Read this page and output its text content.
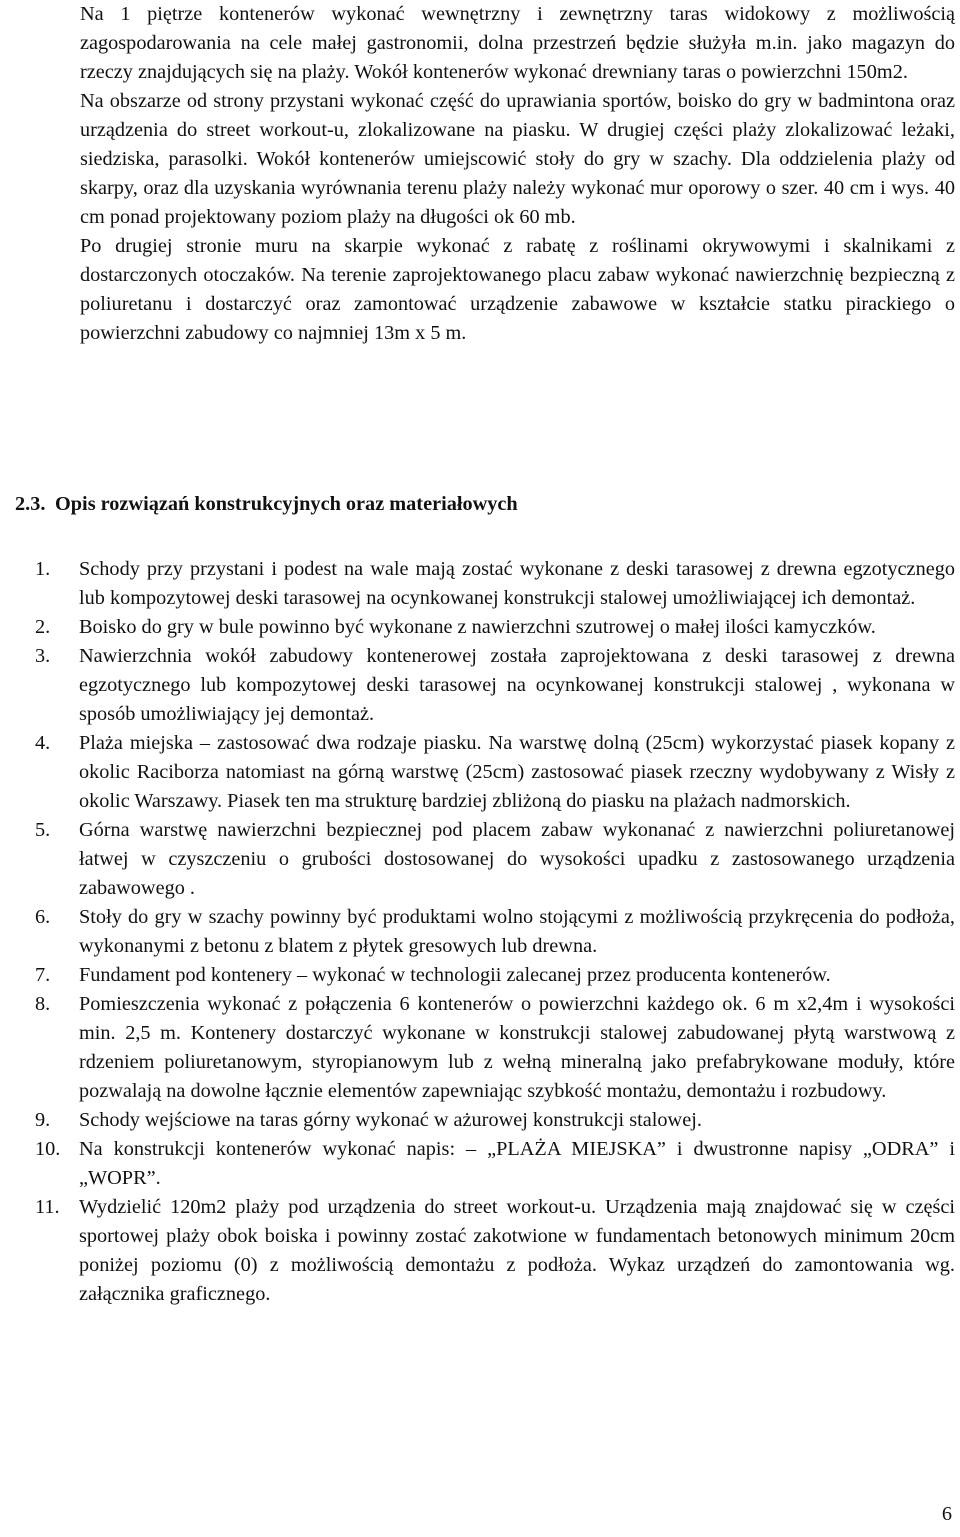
Na 1 piętrze kontenerów wykonać wewnętrzny i zewnętrzny taras widokowy z możliwością zagospodarowania na cele małej gastronomii, dolna przestrzeń będzie służyła m.in. jako magazyn do rzeczy znajdujących się na plaży. Wokół kontenerów wykonać drewniany taras o powierzchni 150m2.

Na obszarze od strony przystani wykonać część do uprawiania sportów, boisko do gry w badmintona oraz urządzenia do street workout-u, zlokalizowane na piasku. W drugiej części plaży zlokalizować leżaki, siedziska, parasolki. Wokół kontenerów umiejscowić stoły do gry w szachy. Dla oddzielenia plaży od skarpy, oraz dla uzyskania wyrównania terenu plaży należy wykonać mur oporowy o szer. 40 cm i wys. 40 cm ponad projektowany poziom plaży na długości ok 60 mb.

Po drugiej stronie muru na skarpie wykonać z rabatę z roślinami okrywowymi i skalnikami z dostarczonych otoczaków. Na terenie zaprojektowanego placu zabaw wykonać nawierzchnię bezpieczną z poliuretanu i dostarczyć oraz zamontować urządzenie zabawowe w kształcie statku pirackiego o powierzchni zabudowy co najmniej 13m x 5 m.

2.3. Opis rozwiązań konstrukcyjnych oraz materiałowych
1.	Schody przy przystani i podest na wale mają zostać wykonane z deski tarasowej z drewna egzotycznego lub kompozytowej deski tarasowej na ocynkowanej konstrukcji stalowej umożliwiającej ich demontaż.
2.	Boisko do gry w bule powinno być wykonane z nawierzchni szutrowej o małej ilości kamyczków.
3.	Nawierzchnia wokół zabudowy kontenerowej została zaprojektowana z deski tarasowej z drewna egzotycznego lub kompozytowej deski tarasowej na ocynkowanej konstrukcji stalowej , wykonana w sposób umożliwiający jej demontaż.
4.	Plaża miejska – zastosować dwa rodzaje piasku. Na warstwę dolną (25cm) wykorzystać piasek kopany z okolic Raciborza natomiast na górną warstwę (25cm) zastosować piasek rzeczny wydobywany z Wisły z okolic Warszawy. Piasek ten ma strukturę bardziej zbliżoną do piasku na plażach nadmorskich.
5.	Górna warstwę nawierzchni bezpiecznej pod placem zabaw wykonanać z nawierzchni poliuretanowej łatwej w czyszczeniu o grubości dostosowanej do wysokości upadku z zastosowanego urządzenia zabawowego .
6.	Stoły do gry w szachy powinny być produktami wolno stojącymi z możliwością przykręcenia do podłoża, wykonanymi z betonu z blatem z płytek gresowych lub drewna.
7.	Fundament pod kontenery – wykonać w technologii zalecanej przez producenta kontenerów.
8.	Pomieszczenia wykonać z połączenia 6 kontenerów o powierzchni każdego ok. 6 m x2,4m i wysokości min. 2,5 m. Kontenery dostarczyć wykonane w konstrukcji stalowej zabudowanej płytą warstwową z rdzeniem poliuretanowym, styropianowym lub z wełną mineralną jako prefabrykowane moduły, które pozwalają na dowolne łącznie elementów zapewniając szybkość montażu, demontażu i rozbudowy.
9.	Schody wejściowe na taras górny wykonać w ażurowej konstrukcji stalowej.
10. Na konstrukcji kontenerów wykonać napis: – „PLAŻA MIEJSKA” i dwustronne napisy „ODRA” i „WOPR”.
11. Wydzielić 120m2 plaży pod urządzenia do street workout-u. Urządzenia mają znajdować się w części sportowej plaży obok boiska i powinny zostać zakotwione w fundamentach betonowych minimum 20cm poniżej poziomu (0) z możliwością demontażu z podłoża. Wykaz urządzeń do zamontowania wg. załącznika graficznego.
6
